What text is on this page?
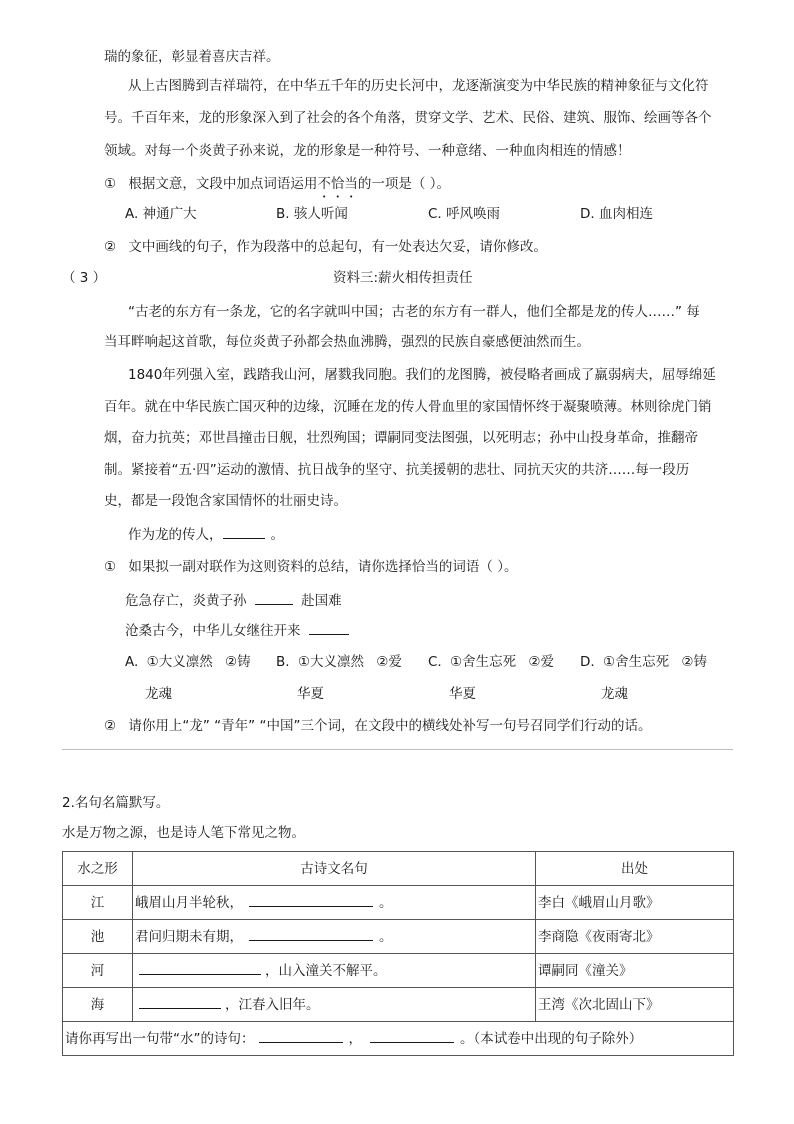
瑞的象征，彰显着喜庆吉祥。
从上古图腾到吉祥瑞符，在中华五千年的历史长河中，龙逐渐演变为中华民族的精神象征与文化符
号。千百年来，龙的形象深入到了社会的各个角落，贯穿文学、艺术、民俗、建筑、服饰、绘画等各个
领域。对每一个炎黄子孙来说，龙的形象是一种符号、一种意绪、一种血肉相连的情感！
① 根据文意，文段中加点词语运用不恰当的一项是（ ）。
A. 神通广大	B. 骇人听闻	C. 呼风唤雨	D. 血肉相连
② 文中画线的句子，作为段落中的总起句，有一处表达欠妥，请你修改。
（ 3 ）	资料三:薪火相传担责任
“古老的东方有一条龙，它的名字就叫中国；古老的东方有一群人，他们全都是龙的传人……” 每
当耳畔响起这首歌，每位炎黄子孙都会热血沸腾，强烈的民族自豪感便油然而生。
1840年列强入室，践踏我山河，屠戮我同胞。我们的龙图腾，被侵略者画成了羸弱病夫，屈辱绵延
百年。就在中华民族亡国灭种的边缘，沉睡在龙的传人骨血里的家国情怀终于凝聚喷薄。林则徐虎门销
烟，奋力抗英；邓世昌撞击日舰，壮烈殉国；谭嗣同变法图强，以死明志；孙中山投身革命，推翻帝
制。紧接着“五·四”运动的激情、抗日战争的坚守、抗美援朝的悲壮、同抗天灾的共济……每一段历
史，都是一段饱含家国情怀的壮丽史诗。
作为龙的传人，	。
① 如果拟一副对联作为这则资料的总结，请你选择恰当的词语（ ）。
危急存亡，炎黄子孙	赴国难
沧桑古今，中华儿女继往开来
A. ①大义凛然 ②铸 B. ①大义凛然 ②爱 C. ①舍生忘死 ②爱 D. ①舍生忘死 ②铸
龙魂	华夏	华夏	龙魂
② 请你用上“龙” “青年” “中国”三个词，在文段中的横线处补写一句号召同学们行动的话。
2.名句名篇默写。
水是万物之源，也是诗人笔下常见之物。
水之形	古诗文名句	出处
江	峨眉山月半轮秋， 。	李白《峨眉山月歌》
池	君问归期未有期， 。	李商隐《夜雨寄北》
河	，山入潼关不解平。	谭嗣同《潼关》
海	，江春入旧年。	王湾《次北固山下》
请你再写出一句带“水”的诗句： ， 。（本试卷中出现的句子除外）		
